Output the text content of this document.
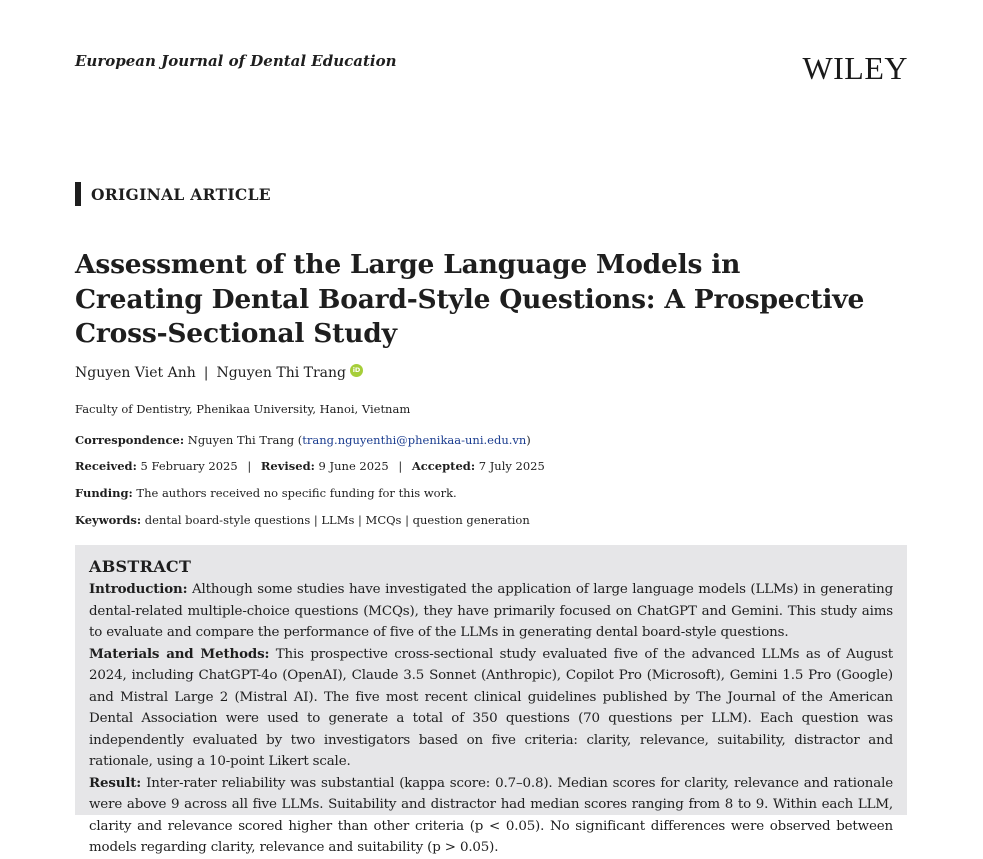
European Journal of Dental Education	WILEY
ORIGINAL ARTICLE
Assessment of the Large Language Models in Creating Dental Board-Style Questions: A Prospective Cross-Sectional Study
Nguyen Viet Anh | Nguyen Thi Trang	iD
Faculty of Dentistry, Phenikaa University, Hanoi, Vietnam
Correspondence: Nguyen Thi Trang (trang.nguyenthi@phenikaa-uni.edu.vn)
Received: 5 February 2025 | Revised: 9 June 2025 | Accepted: 7 July 2025
Funding: The authors received no specific funding for this work.
Keywords: dental board-style questions | LLMs | MCQs | question generation
ABSTRACT

Introduction: Although some studies have investigated the application of large language models (LLMs) in generating dental-related multiple-choice questions (MCQs), they have primarily focused on ChatGPT and Gemini. This study aims to evaluate and compare the performance of five of the LLMs in generating dental board-style questions.

Materials and Methods: This prospective cross-sectional study evaluated five of the advanced LLMs as of August 2024, including ChatGPT-4o (OpenAI), Claude 3.5 Sonnet (Anthropic), Copilot Pro (Microsoft), Gemini 1.5 Pro (Google) and Mistral Large 2 (Mistral AI). The five most recent clinical guidelines published by The Journal of the American Dental Association were used to generate a total of 350 questions (70 questions per LLM). Each question was independently evaluated by two investigators based on five criteria: clarity, relevance, suitability, distractor and rationale, using a 10-point Likert scale.

Result: Inter-rater reliability was substantial (kappa score: 0.7–0.8). Median scores for clarity, relevance and rationale were above 9 across all five LLMs. Suitability and distractor had median scores ranging from 8 to 9. Within each LLM, clarity and relevance scored higher than other criteria (p < 0.05). No significant differences were observed between models regarding clarity, relevance and suitability (p > 0.05).
